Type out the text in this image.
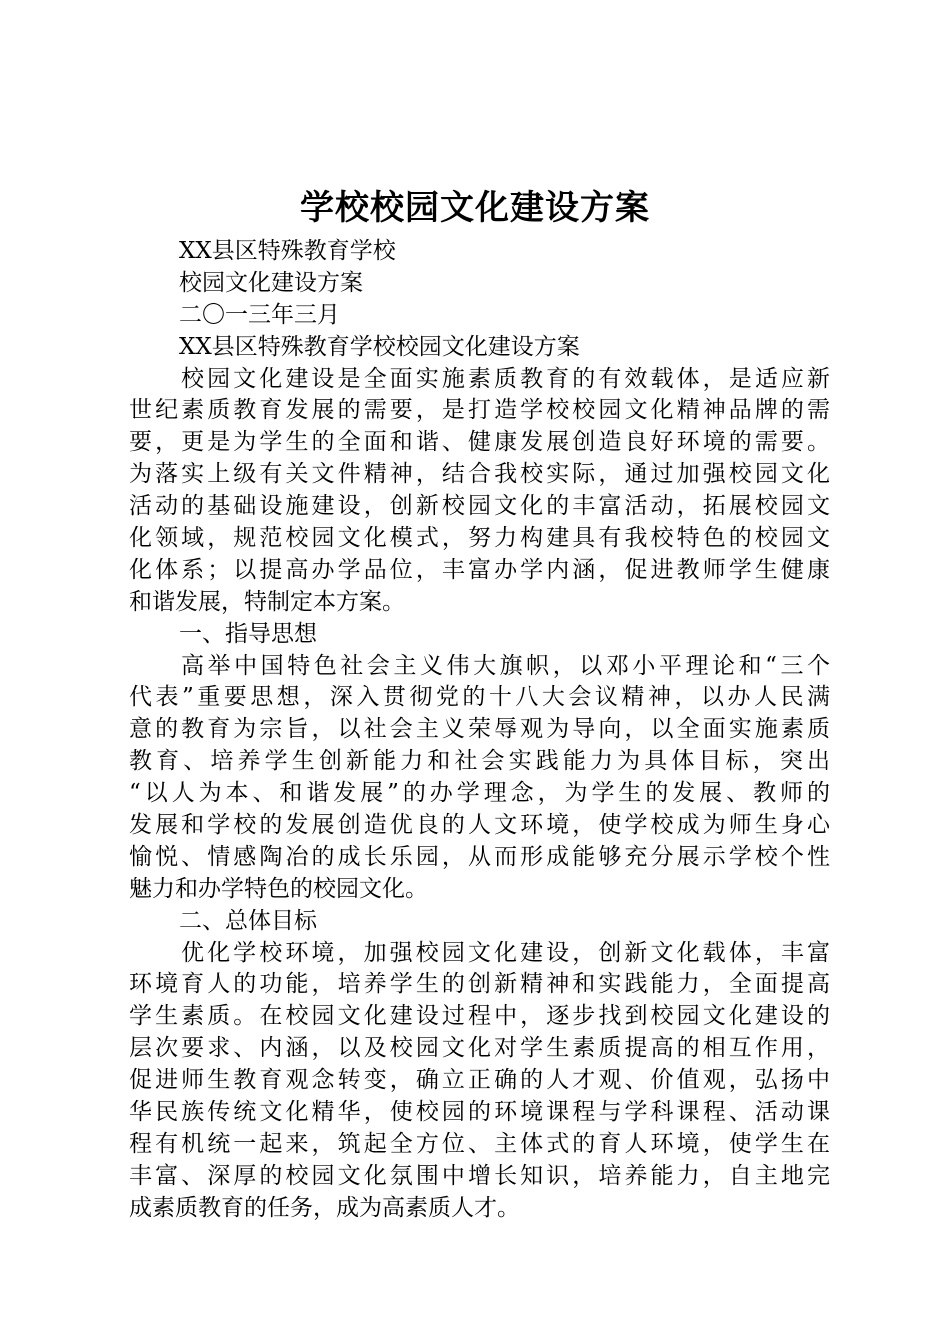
学校校园文化建设方案
XX县区特殊教育学校
校园文化建设方案
二〇一三年三月
XX县区特殊教育学校校园文化建设方案
校园文化建设是全面实施素质教育的有效载体，是适应新
世纪素质教育发展的需要，是打造学校校园文化精神品牌的需
要，更是为学生的全面和谐、健康发展创造良好环境的需要。
为落实上级有关文件精神，结合我校实际，通过加强校园文化
活动的基础设施建设，创新校园文化的丰富活动，拓展校园文
化领域，规范校园文化模式，努力构建具有我校特色的校园文
化体系；以提高办学品位，丰富办学内涵，促进教师学生健康
和谐发展，特制定本方案。
一、指导思想
高举中国特色社会主义伟大旗帜，以邓小平理论和“三个
代表”重要思想，深入贯彻党的十八大会议精神，以办人民满
意的教育为宗旨，以社会主义荣辱观为导向，以全面实施素质
教育、培养学生创新能力和社会实践能力为具体目标，突出
“以人为本、和谐发展”的办学理念，为学生的发展、教师的
发展和学校的发展创造优良的人文环境，使学校成为师生身心
愉悦、情感陶冶的成长乐园，从而形成能够充分展示学校个性
魅力和办学特色的校园文化。
二、总体目标
优化学校环境，加强校园文化建设，创新文化载体，丰富
环境育人的功能，培养学生的创新精神和实践能力，全面提高
学生素质。在校园文化建设过程中，逐步找到校园文化建设的
层次要求、内涵，以及校园文化对学生素质提高的相互作用，
促进师生教育观念转变，确立正确的人才观、价值观，弘扬中
华民族传统文化精华，使校园的环境课程与学科课程、活动课
程有机统一起来，筑起全方位、主体式的育人环境，使学生在
丰富、深厚的校园文化氛围中增长知识，培养能力，自主地完
成素质教育的任务，成为高素质人才。
